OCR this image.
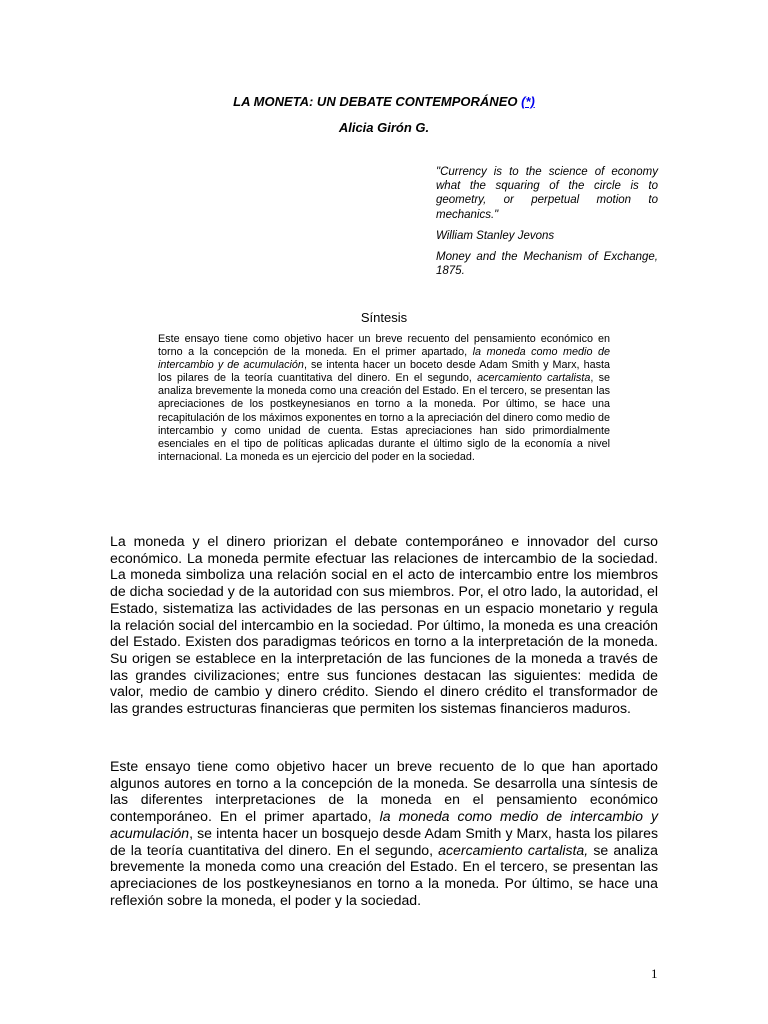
LA MONETA: UN DEBATE CONTEMPORÁNEO (*)
Alicia Girón G.

"Currency is to the science of economy what the squaring of the circle is to geometry, or perpetual motion to mechanics."

William Stanley Jevons

Money and the Mechanism of Exchange, 1875.

Síntesis

Este ensayo tiene como objetivo hacer un breve recuento del pensamiento económico en torno a la concepción de la moneda. En el primer apartado, la moneda como medio de intercambio y de acumulación, se intenta hacer un boceto desde Adam Smith y Marx, hasta los pilares de la teoría cuantitativa del dinero. En el segundo, acercamiento cartalista, se analiza brevemente la moneda como una creación del Estado. En el tercero, se presentan las apreciaciones de los postkeynesianos en torno a la moneda. Por último, se hace una recapitulación de los máximos exponentes en torno a la apreciación del dinero como medio de intercambio y como unidad de cuenta. Estas apreciaciones han sido primordialmente esenciales en el tipo de políticas aplicadas durante el último siglo de la economía a nivel internacional. La moneda es un ejercicio del poder en la sociedad.

La moneda y el dinero priorizan el debate contemporáneo e innovador del curso económico. La moneda permite efectuar las relaciones de intercambio de la sociedad. La moneda simboliza una relación social en el acto de intercambio entre los miembros de dicha sociedad y de la autoridad con sus miembros. Por, el otro lado, la autoridad, el Estado, sistematiza las actividades de las personas en un espacio monetario y regula la relación social del intercambio en la sociedad. Por último, la moneda es una creación del Estado. Existen dos paradigmas teóricos en torno a la interpretación de la moneda. Su origen se establece en la interpretación de las funciones de la moneda a través de las grandes civilizaciones; entre sus funciones destacan las siguientes: medida de valor, medio de cambio y dinero crédito. Siendo el dinero crédito el transformador de las grandes estructuras financieras que permiten los sistemas financieros maduros.

Este ensayo tiene como objetivo hacer un breve recuento de lo que han aportado algunos autores en torno a la concepción de la moneda. Se desarrolla una síntesis de las diferentes interpretaciones de la moneda en el pensamiento económico contemporáneo. En el primer apartado, la moneda como medio de intercambio y acumulación, se intenta hacer un bosquejo desde Adam Smith y Marx, hasta los pilares de la teoría cuantitativa del dinero. En el segundo, acercamiento cartalista, se analiza brevemente la moneda como una creación del Estado. En el tercero, se presentan las apreciaciones de los postkeynesianos en torno a la moneda. Por último, se hace una reflexión sobre la moneda, el poder y la sociedad.

1
